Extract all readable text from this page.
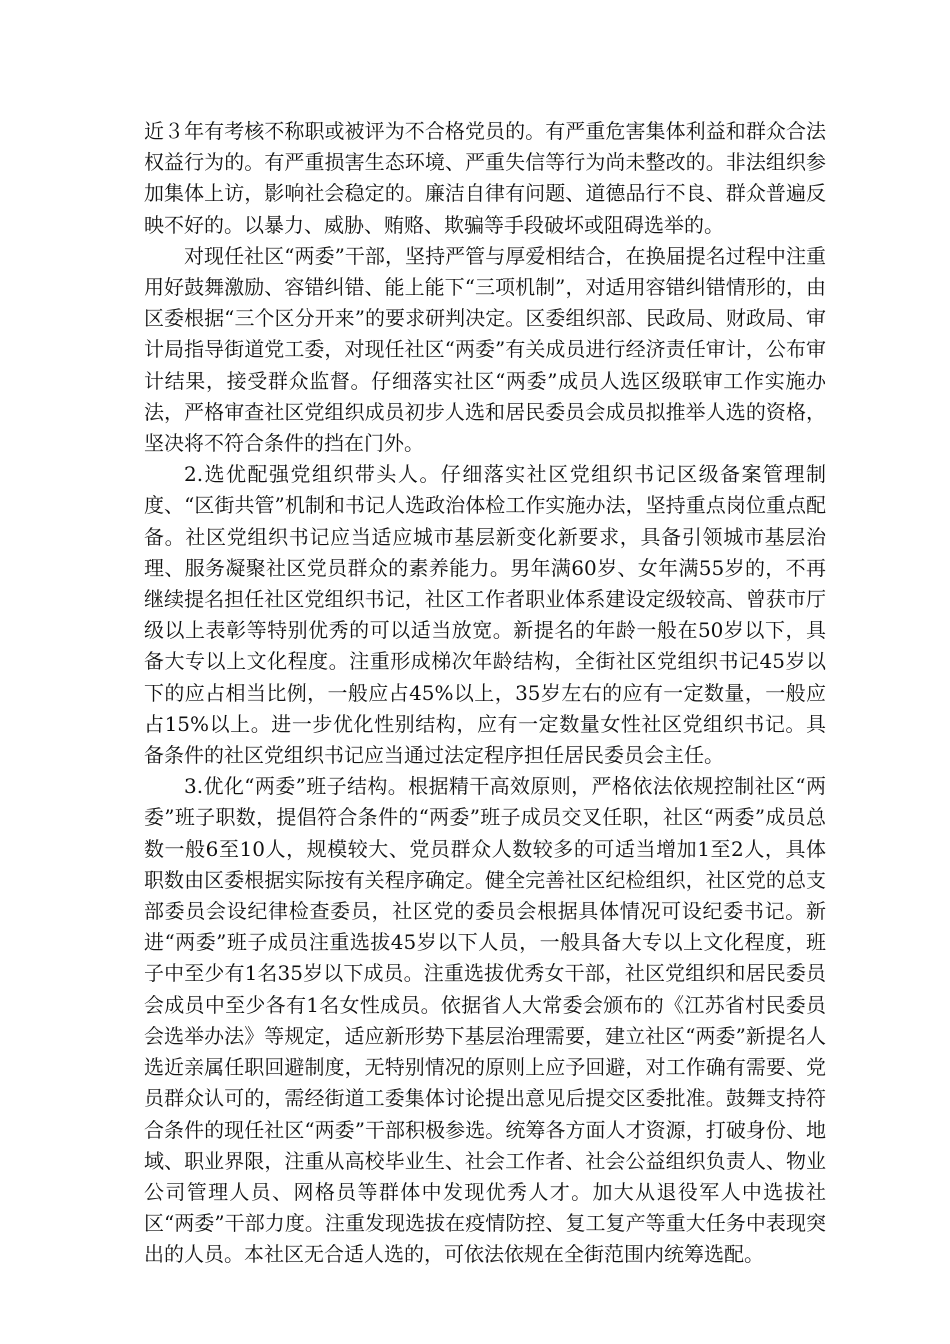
近３年有考核不称职或被评为不合格党员的。有严重危害集体利益和群众合法权益行为的。有严重损害生态环境、严重失信等行为尚未整改的。非法组织参加集体上访，影响社会稳定的。廉洁自律有问题、道德品行不良、群众普遍反映不好的。以暴力、威胁、贿赂、欺骗等手段破坏或阻碍选举的。

对现任社区“两委”干部，坚持严管与厚爱相结合，在换届提名过程中注重用好鼓舞激励、容错纠错、能上能下“三项机制”，对适用容错纠错情形的，由区委根据“三个区分开来”的要求研判决定。区委组织部、民政局、财政局、审计局指导街道党工委，对现任社区“两委”有关成员进行经济责任审计，公布审计结果，接受群众监督。仔细落实社区“两委”成员人选区级联审工作实施办法，严格审查社区党组织成员初步人选和居民委员会成员拟推举人选的资格，坚决将不符合条件的挡在门外。

2.选优配强党组织带头人。仔细落实社区党组织书记区级备案管理制度、“区街共管”机制和书记人选政治体检工作实施办法，坚持重点岗位重点配备。社区党组织书记应当适应城市基层新变化新要求，具备引领城市基层治理、服务凝聚社区党员群众的素养能力。男年满60岁、女年满55岁的，不再继续提名担任社区党组织书记，社区工作者职业体系建设定级较高、曾获市厅级以上表彰等特别优秀的可以适当放宽。新提名的年龄一般在50岁以下，具备大专以上文化程度。注重形成梯次年龄结构，全街社区党组织书记45岁以下的应占相当比例，一般应占45%以上，35岁左右的应有一定数量，一般应占15%以上。进一步优化性别结构，应有一定数量女性社区党组织书记。具备条件的社区党组织书记应当通过法定程序担任居民委员会主任。

3.优化“两委”班子结构。根据精干高效原则，严格依法依规控制社区“两委”班子职数，提倡符合条件的“两委”班子成员交叉任职，社区“两委”成员总数一般6至10人，规模较大、党员群众人数较多的可适当增加1至2人，具体职数由区委根据实际按有关程序确定。健全完善社区纪检组织，社区党的总支部委员会设纪律检查委员，社区党的委员会根据具体情况可设纪委书记。新进“两委”班子成员注重选拔45岁以下人员，一般具备大专以上文化程度，班子中至少有1名35岁以下成员。注重选拔优秀女干部，社区党组织和居民委员会成员中至少各有1名女性成员。依据省人大常委会颁布的《江苏省村民委员会选举办法》等规定，适应新形势下基层治理需要，建立社区“两委”新提名人选近亲属任职回避制度，无特别情况的原则上应予回避，对工作确有需要、党员群众认可的，需经街道工委集体讨论提出意见后提交区委批准。鼓舞支持符合条件的现任社区“两委”干部积极参选。统筹各方面人才资源，打破身份、地域、职业界限，注重从高校毕业生、社会工作者、社会公益组织负责人、物业公司管理人员、网格员等群体中发现优秀人才。加大从退役军人中选拔社区“两委”干部力度。注重发现选拔在疫情防控、复工复产等重大任务中表现突出的人员。本社区无合适人选的，可依法依规在全街范围内统筹选配。
